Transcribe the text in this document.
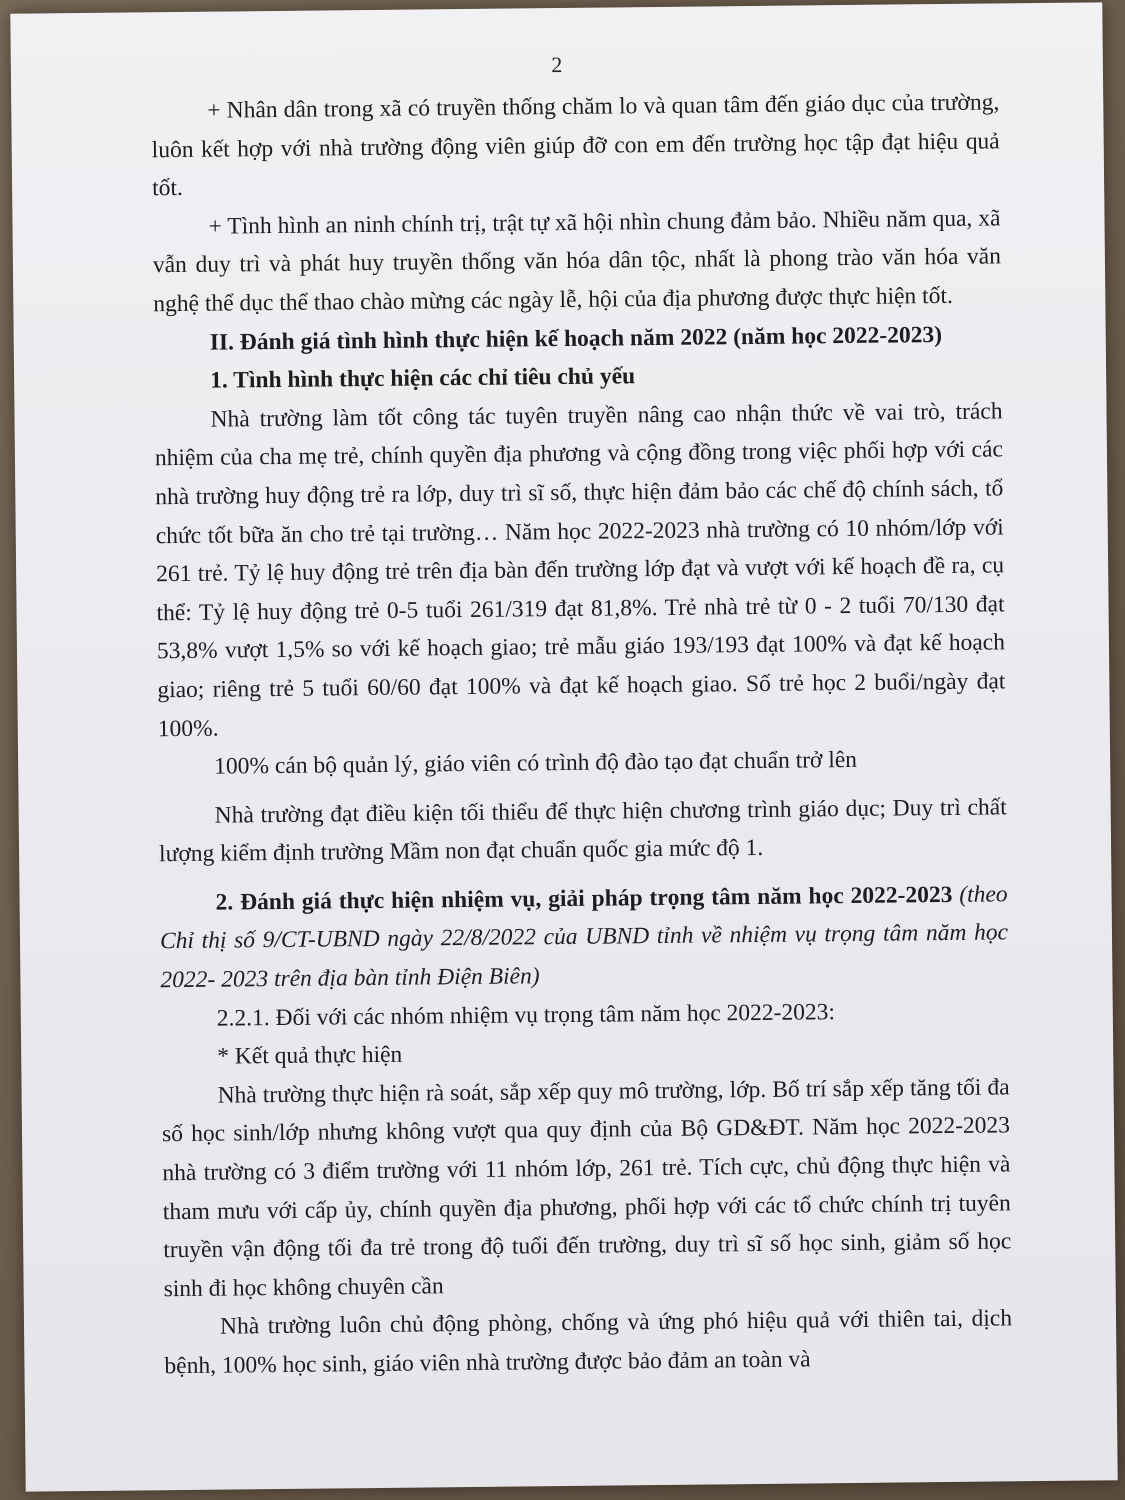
2

+ Nhân dân trong xã có truyền thống chăm lo và quan tâm đến giáo dục của trường, luôn kết hợp với nhà trường động viên giúp đỡ con em đến trường học tập đạt hiệu quả tốt.

+ Tình hình an ninh chính trị, trật tự xã hội nhìn chung đảm bảo. Nhiều năm qua, xã vẫn duy trì và phát huy truyền thống văn hóa dân tộc, nhất là phong trào văn hóa văn nghệ thể dục thể thao chào mừng các ngày lễ, hội của địa phương được thực hiện tốt.

II. Đánh giá tình hình thực hiện kế hoạch năm 2022 (năm học 2022-2023)

1. Tình hình thực hiện các chỉ tiêu chủ yếu

Nhà trường làm tốt công tác tuyên truyền nâng cao nhận thức về vai trò, trách nhiệm của cha mẹ trẻ, chính quyền địa phương và cộng đồng trong việc phối hợp với các nhà trường huy động trẻ ra lớp, duy trì sĩ số, thực hiện đảm bảo các chế độ chính sách, tổ chức tốt bữa ăn cho trẻ tại trường… Năm học 2022-2023 nhà trường có 10 nhóm/lớp với 261 trẻ. Tỷ lệ huy động trẻ trên địa bàn đến trường lớp đạt và vượt với kế hoạch đề ra, cụ thể: Tỷ lệ huy động trẻ 0-5 tuổi 261/319 đạt 81,8%. Trẻ nhà trẻ từ 0 - 2 tuổi 70/130 đạt 53,8% vượt 1,5% so với kế hoạch giao; trẻ mẫu giáo 193/193 đạt 100% và đạt kế hoạch giao; riêng trẻ 5 tuổi 60/60 đạt 100% và đạt kế hoạch giao. Số trẻ học 2 buổi/ngày đạt 100%.

100% cán bộ quản lý, giáo viên có trình độ đào tạo đạt chuẩn trở lên

Nhà trường đạt điều kiện tối thiểu để thực hiện chương trình giáo dục; Duy trì chất lượng kiểm định trường Mầm non đạt chuẩn quốc gia mức độ 1.

2. Đánh giá thực hiện nhiệm vụ, giải pháp trọng tâm năm học 2022-2023 (theo Chỉ thị số 9/CT-UBND ngày 22/8/2022 của UBND tỉnh về nhiệm vụ trọng tâm năm học 2022- 2023 trên địa bàn tỉnh Điện Biên)

2.2.1. Đối với các nhóm nhiệm vụ trọng tâm năm học 2022-2023:

* Kết quả thực hiện

Nhà trường thực hiện rà soát, sắp xếp quy mô trường, lớp. Bố trí sắp xếp tăng tối đa số học sinh/lớp nhưng không vượt qua quy định của Bộ GD&ĐT. Năm học 2022-2023 nhà trường có 3 điểm trường với 11 nhóm lớp, 261 trẻ. Tích cực, chủ động thực hiện và tham mưu với cấp ủy, chính quyền địa phương, phối hợp với các tổ chức chính trị tuyên truyền vận động tối đa trẻ trong độ tuổi đến trường, duy trì sĩ số học sinh, giảm số học sinh đi học không chuyên cần

Nhà trường luôn chủ động phòng, chống và ứng phó hiệu quả với thiên tai, dịch bệnh, 100% học sinh, giáo viên nhà trường được bảo đảm an toàn và
